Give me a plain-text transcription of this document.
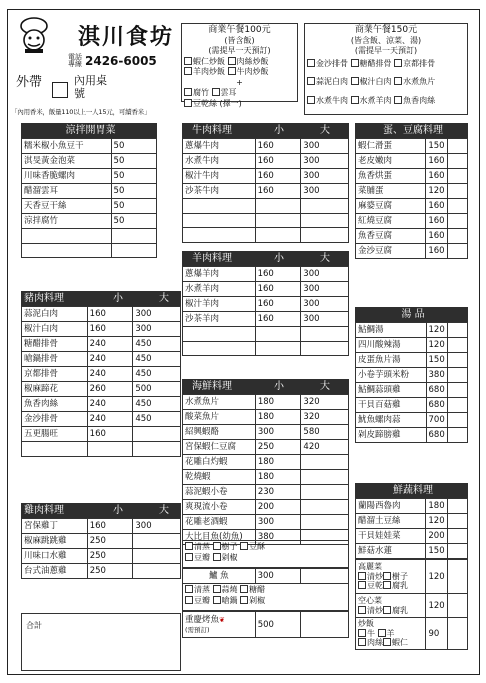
淇川食坊
電話專線 2426-6005
外帶	內用桌號
「內用香米，飯量110以上一人15元，可續香米」
商業午餐100元
(皆含飯)
(需提早一天預訂)
蝦仁炒飯 肉絲炒飯
羊肉炒飯 牛肉炒飯
+
腐竹 雲耳
豆乾絲 (擇一)
商業午餐150元
(皆含飯、涼菜、湯)
(需提早一天預訂)
金沙排骨 糖醋排骨 京都排骨
蒜泥白肉 椒汁白肉 水煮魚片
水煮牛肉 水煮羊肉 魚香肉絲
涼拌開胃菜
糯米椒小魚豆干	50
淇旻黃金泡菜	50
川味香脆螺肉	50
醋溜雲耳	50
天香豆干絲	50
涼拌腐竹	50

豬肉料理	小	大
蒜泥白肉	160	300
椒汁白肉	160	300
糖醋排骨	240	450
嗆鍋排骨	240	450
京都排骨	240	450
椒麻蹄花	260	500
魚香肉絲	240	450
金沙排骨	240	450
五更腸旺	160	

雞肉料理	小	大
宮保雞丁	160	300
椒麻跳跳雞	250	
川味口水雞	250	
台式油蔥雞	250	
合計
牛肉料理	小	大
蔥爆牛肉	160	300
水煮牛肉	160	300
椒汁牛肉	160	300
沙茶牛肉	160	300

羊肉料理	小	大
蔥爆羊肉	160	300
水煮羊肉	160	300
椒汁羊肉	160	300
沙茶羊肉	160	300

海鮮料理	小	大
水煮魚片	180	320
酸菜魚片	180	320
紹興蝦酪	300	580
宮保蝦仁豆腐	250	420
花雕白灼蝦	180	
乾燒蝦	180	
蒜泥蝦小卷	230	
爽現流小卷	200	
花雕老酒蝦	300	
大比目魚(幼魚)	380	
清蒸 樹子 豆酥
豆瓣 剁椒
鱸 魚	300	
清蒸 蒜燒 糖醋
豆瓣 嗆鍋 剁椒
重慶烤魚❦
(需預訂)	500	
蛋、豆腐料理
蝦仁滑蛋	150	
老皮嫩肉	160	
魚香烘蛋	160	
菜脯蛋	120	
麻婆豆腐	160	
紅燒豆腐	160	
魚香豆腐	160	
金沙豆腐	160	
湯 品
鮎鯛湯	120	
四川酸辣湯	120	
皮蛋魚片湯	150	
小卷芋頭米粉	380	
鮎鯛蒜頭雞	680	
干貝百菇雞	680	
魷魚螺肉蒜	700	
剁皮蹄膀雞	680	
鮮蔬料理
蘭陽西魯肉	180	
醋溜土豆絲	120	
干貝娃娃菜	200	
鮮菇水蓮	150	
高麗菜
清炒 樹子
豆乾 腐乳	120	
空心菜
清炒 腐乳	120	
炒飯
牛 羊
肉絲 蝦仁	90	
